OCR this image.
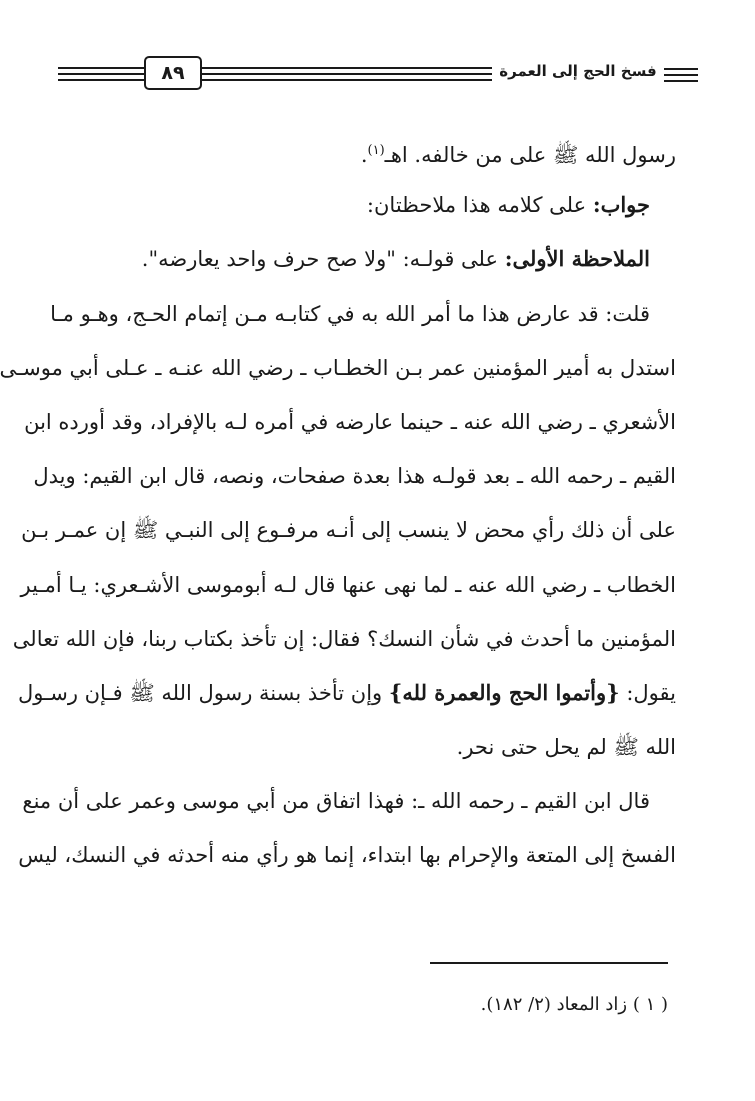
٨٩	فسخ الحج إلى العمرة
رسول الله ﷺ على من خالفه. اهـ$^{(١)}$.
جواب: على كلامه هذا ملاحظتان:
الملاحظة الأولى: على قولـه: "ولا صح حرف واحد يعارضه".
قلت: قد عارض هذا ما أمر الله به في كتابـه مـن إتمام الحـج، وهـو مـا
استدل به أمير المؤمنين عمر بـن الخطـاب ـ رضي الله عنـه ـ عـلى أبي موسـى
الأشعري ـ رضي الله عنه ـ حينما عارضه في أمره لـه بالإفراد، وقد أورده ابن
القيم ـ رحمه الله ـ بعد قولـه هذا بعدة صفحات، ونصه، قال ابن القيم: ويدل
على أن ذلك رأي محض لا ينسب إلى أنـه مرفـوع إلى النبـي ﷺ إن عمـر بـن
الخطاب ـ رضي الله عنه ـ لما نهى عنها قال لـه أبوموسى الأشـعري: يـا أمـير
المؤمنين ما أحدث في شأن النسك؟ فقال: إن تأخذ بكتاب ربنا، فإن الله تعالى
يقول: {وأتموا الحج والعمرة لله} وإن تأخذ بسنة رسول الله ﷺ فـإن رسـول
الله ﷺ لم يحل حتى نحر.
قال ابن القيم ـ رحمه الله ـ: فهذا اتفاق من أبي موسى وعمر على أن منع
الفسخ إلى المتعة والإحرام بها ابتداء، إنما هو رأي منه أحدثه في النسك، ليس
( ١ ) زاد المعاد (٢/ ١٨٢).
